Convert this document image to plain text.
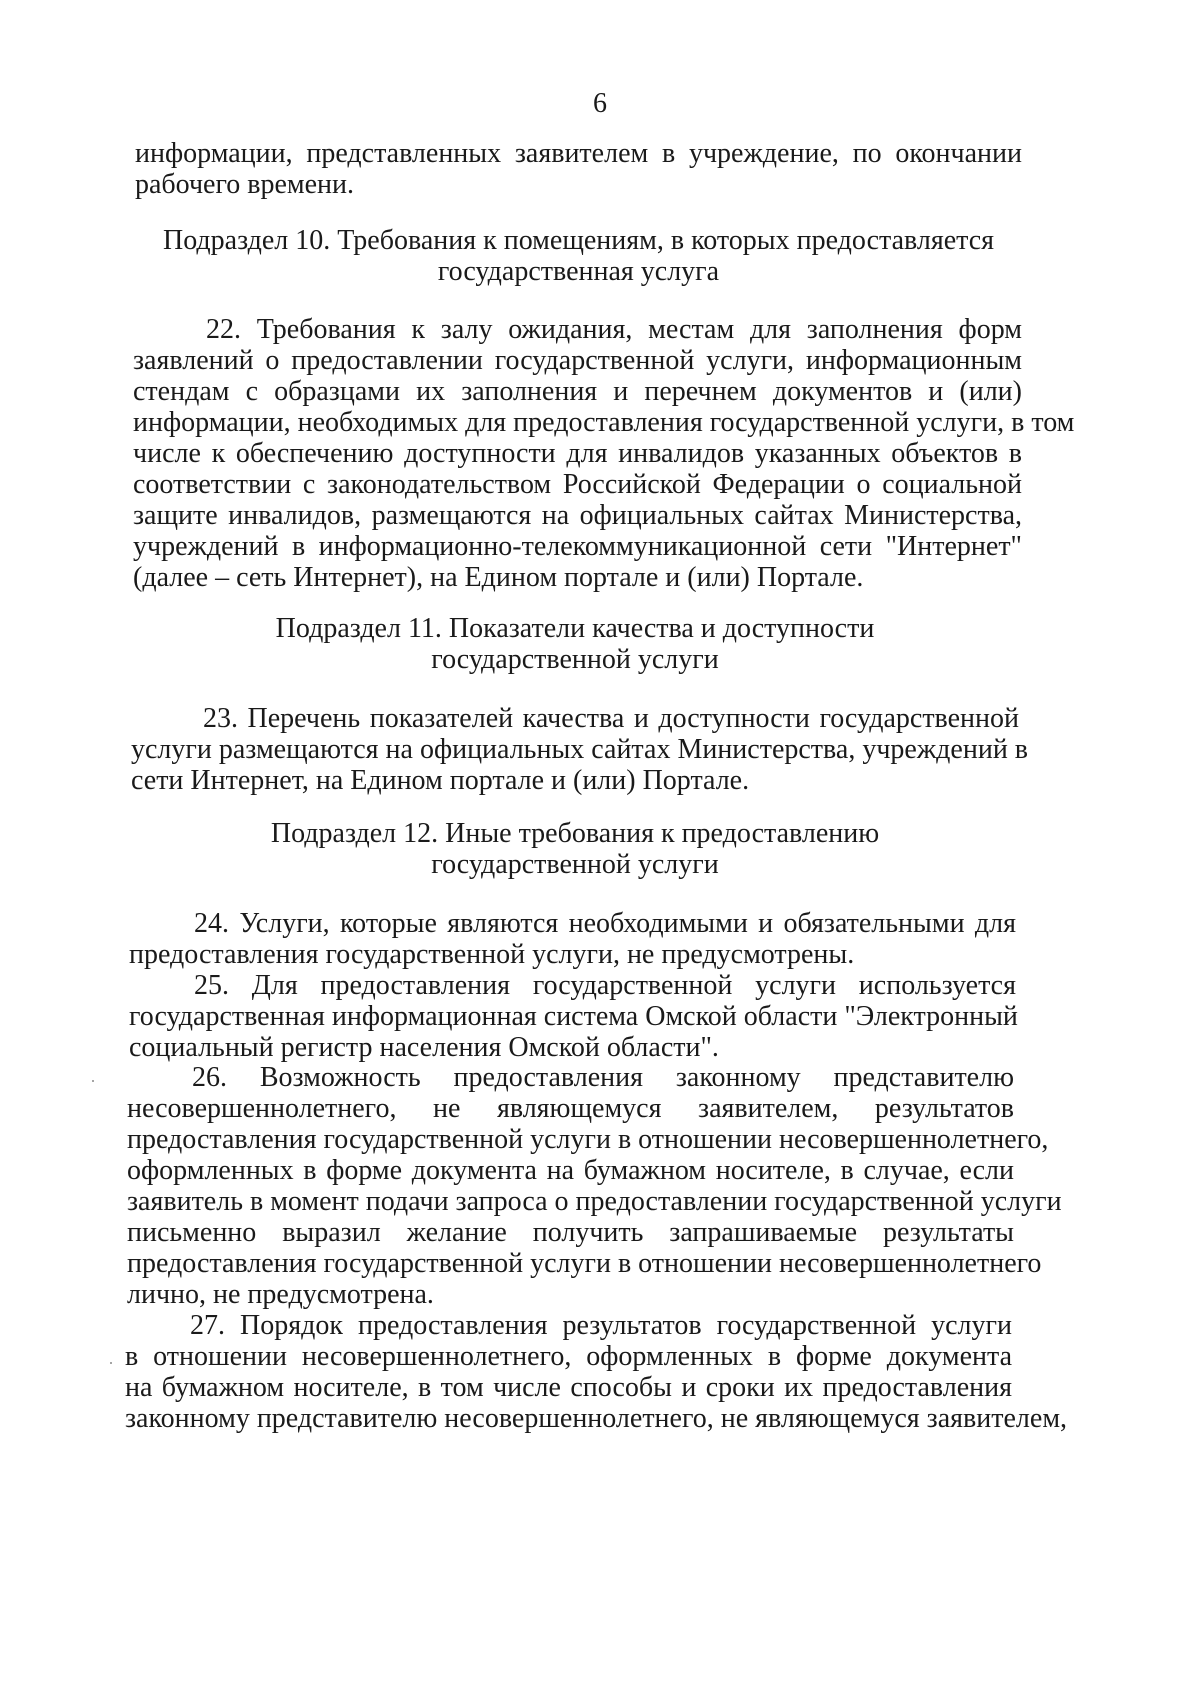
6
информации, представленных заявителем в учреждение, по окончании
рабочего времени.
Подраздел 10. Требования к помещениям, в которых предоставляется
государственная услуга
22. Требования к залу ожидания, местам для заполнения форм
заявлений о предоставлении государственной услуги, информационным
стендам с образцами их заполнения и перечнем документов и (или)
информации, необходимых для предоставления государственной услуги, в том
числе к обеспечению доступности для инвалидов указанных объектов в
соответствии с законодательством Российской Федерации о социальной
защите инвалидов, размещаются на официальных сайтах Министерства,
учреждений в информационно-телекоммуникационной сети "Интернет"
(далее – сеть Интернет), на Едином портале и (или) Портале.
Подраздел 11. Показатели качества и доступности
государственной услуги
23. Перечень показателей качества и доступности государственной
услуги размещаются на официальных сайтах Министерства, учреждений в
сети Интернет, на Едином портале и (или) Портале.
Подраздел 12. Иные требования к предоставлению
государственной услуги
24. Услуги, которые являются необходимыми и обязательными для
предоставления государственной услуги, не предусмотрены.
25. Для предоставления государственной услуги используется
государственная информационная система Омской области "Электронный
социальный регистр населения Омской области".
26. Возможность предоставления законному представителю
несовершеннолетнего, не являющемуся заявителем, результатов
предоставления государственной услуги в отношении несовершеннолетнего,
оформленных в форме документа на бумажном носителе, в случае, если
заявитель в момент подачи запроса о предоставлении государственной услуги
письменно выразил желание получить запрашиваемые результаты
предоставления государственной услуги в отношении несовершеннолетнего
лично, не предусмотрена.
27. Порядок предоставления результатов государственной услуги
в отношении несовершеннолетнего, оформленных в форме документа
на бумажном носителе, в том числе способы и сроки их предоставления
законному представителю несовершеннолетнего, не являющемуся заявителем,
